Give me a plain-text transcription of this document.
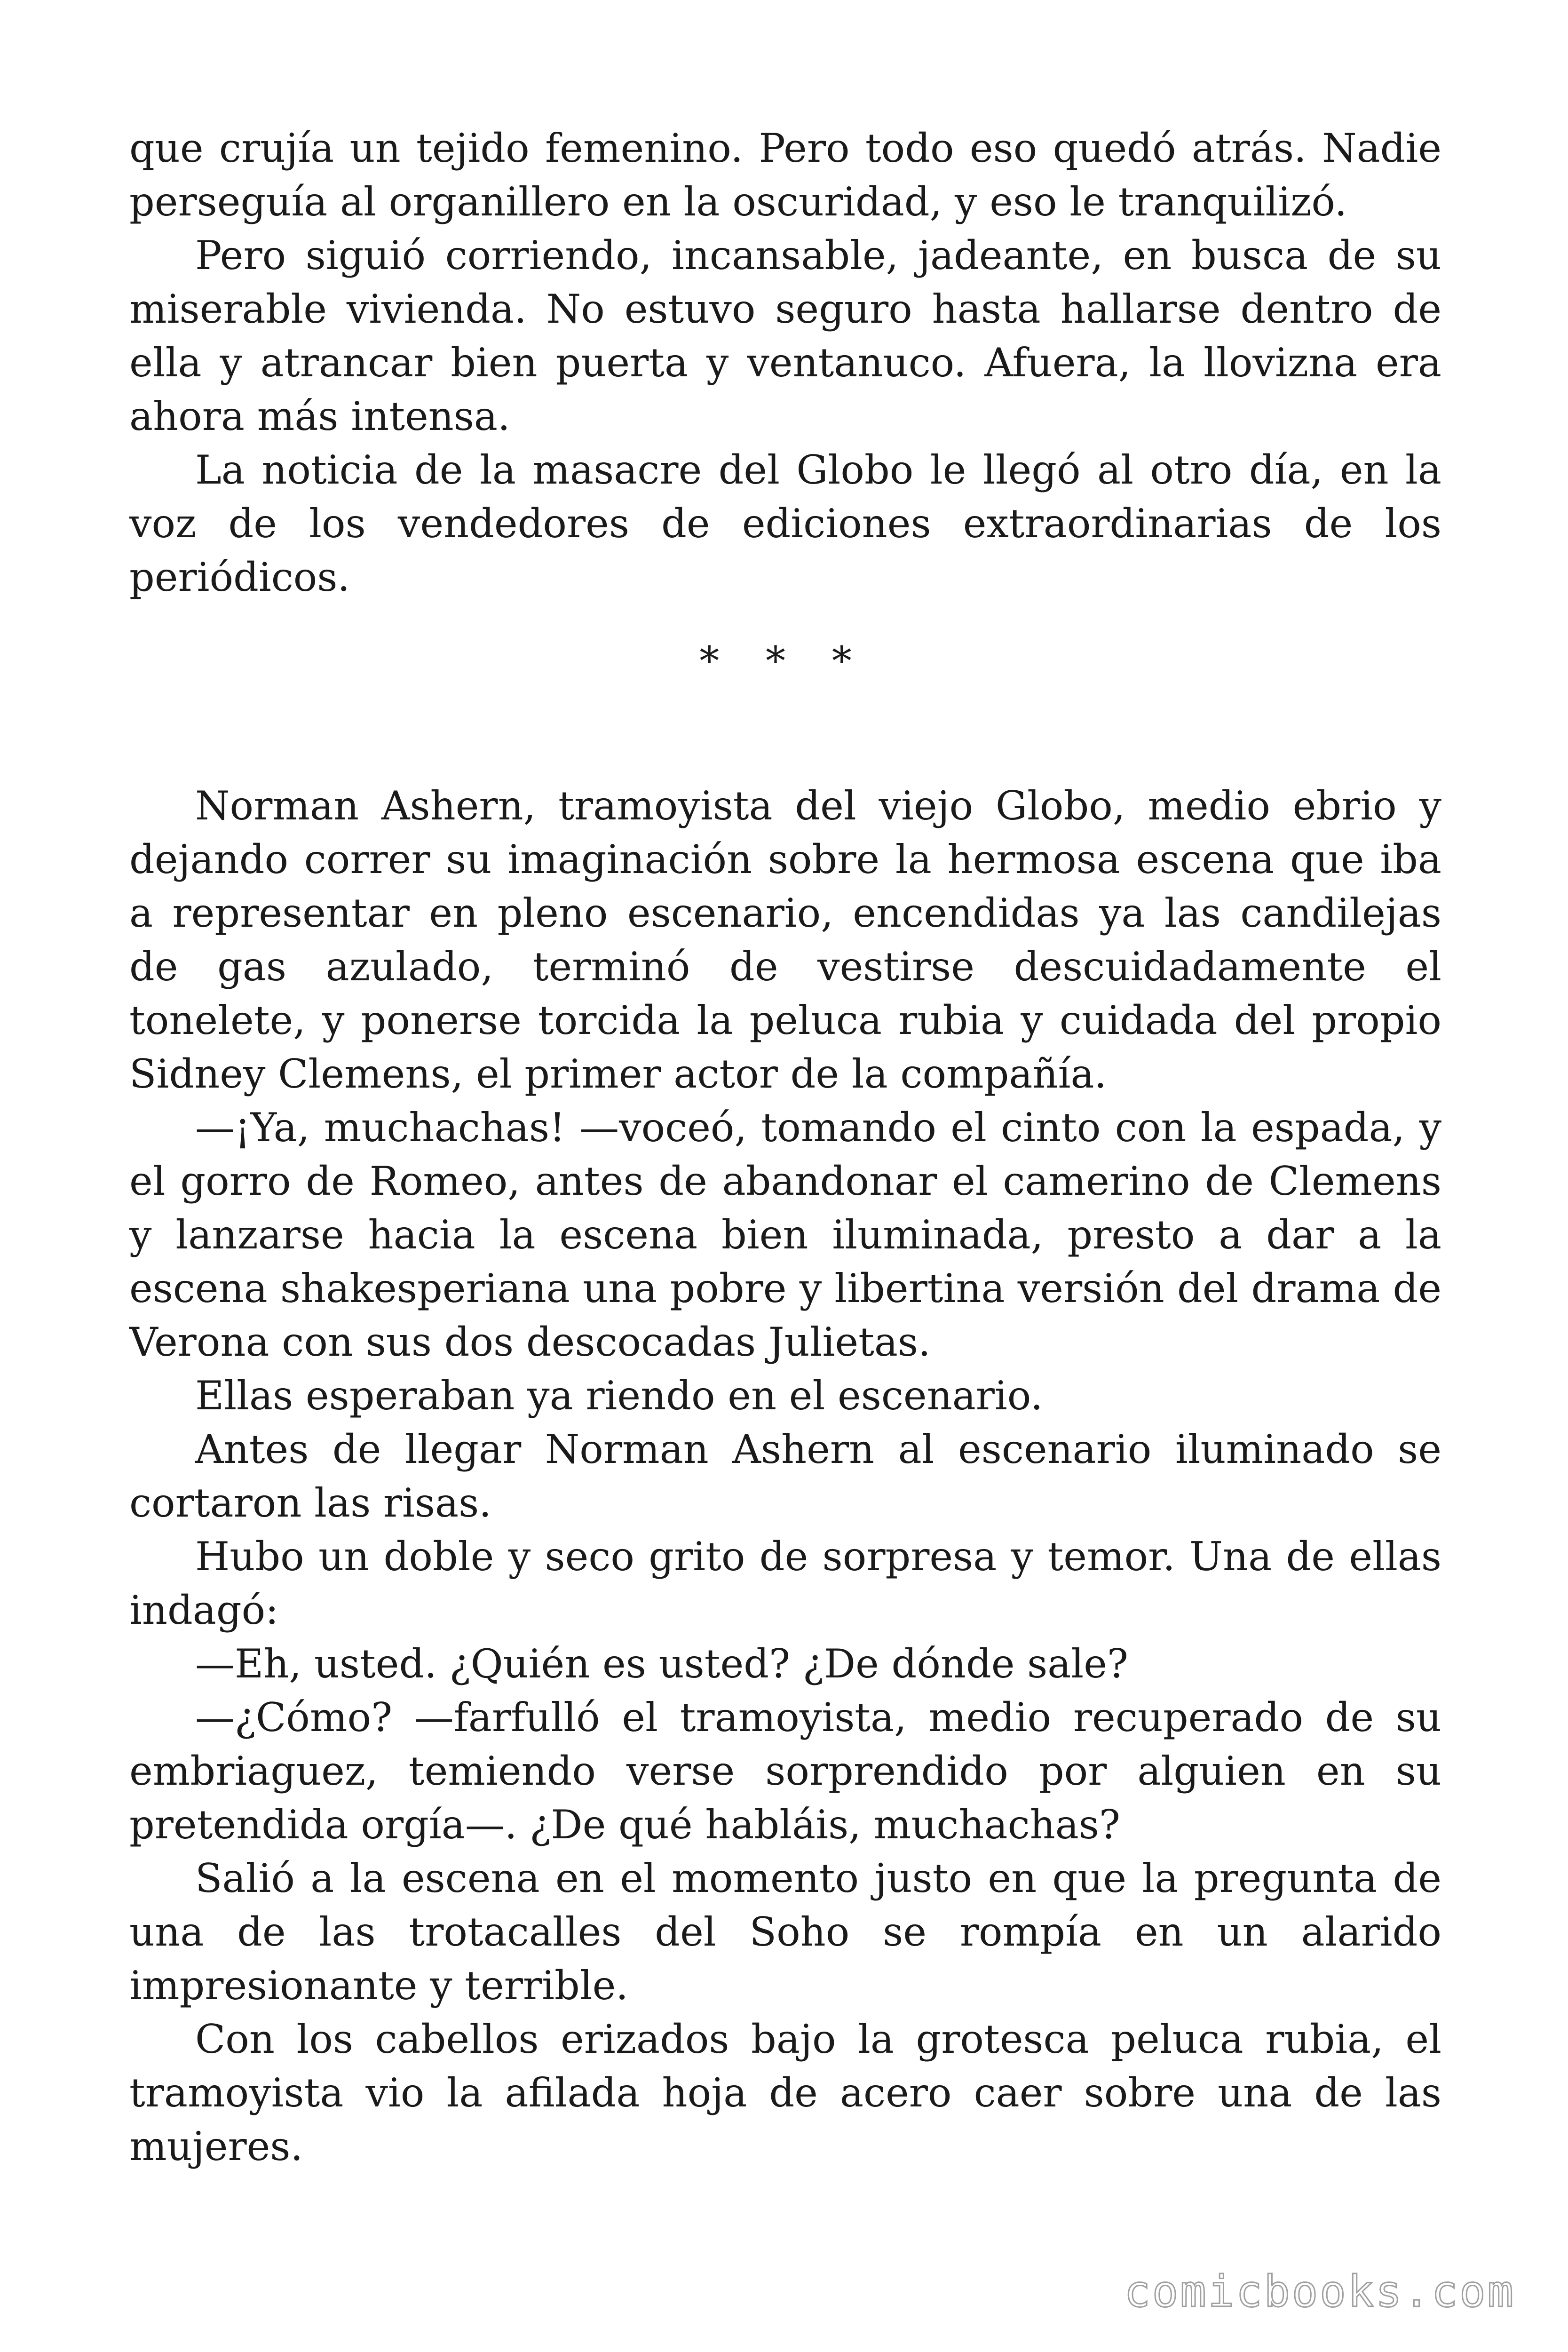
que crujía un tejido femenino. Pero todo eso quedó atrás. Nadie perseguía al organillero en la oscuridad, y eso le tranquilizó.

Pero siguió corriendo, incansable, jadeante, en busca de su miserable vivienda. No estuvo seguro hasta hallarse dentro de ella y atrancar bien puerta y ventanuco. Afuera, la llovizna era ahora más intensa.

La noticia de la masacre del Globo le llegó al otro día, en la voz de los vendedores de ediciones extraordinarias de los periódicos.

* * *

Norman Ashern, tramoyista del viejo Globo, medio ebrio y dejando correr su imaginación sobre la hermosa escena que iba a representar en pleno escenario, encendidas ya las candilejas de gas azulado, terminó de vestirse descuidadamente el tonelete, y ponerse torcida la peluca rubia y cuidada del propio Sidney Clemens, el primer actor de la compañía.

—¡Ya, muchachas! —voceó, tomando el cinto con la espada, y el gorro de Romeo, antes de abandonar el camerino de Clemens y lanzarse hacia la escena bien iluminada, presto a dar a la escena shakesperiana una pobre y libertina versión del drama de Verona con sus dos descocadas Julietas.

Ellas esperaban ya riendo en el escenario.

Antes de llegar Norman Ashern al escenario iluminado se cortaron las risas.

Hubo un doble y seco grito de sorpresa y temor. Una de ellas indagó:

—Eh, usted. ¿Quién es usted? ¿De dónde sale?

—¿Cómo? —farfulló el tramoyista, medio recuperado de su embriaguez, temiendo verse sorprendido por alguien en su pretendida orgía—. ¿De qué habláis, muchachas?

Salió a la escena en el momento justo en que la pregunta de una de las trotacalles del Soho se rompía en un alarido impresionante y terrible.

Con los cabellos erizados bajo la grotesca peluca rubia, el tramoyista vio la afilada hoja de acero caer sobre una de las mujeres.

comicbooks.com
